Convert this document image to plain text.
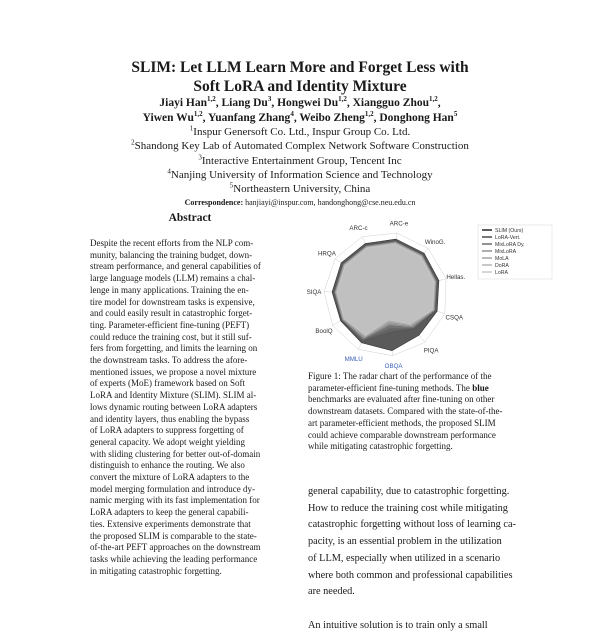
SLIM: Let LLM Learn More and Forget Less with
Soft LoRA and Identity Mixture
Jiayi Han$^{1,2}$, Liang Du$^3$, Hongwei Du$^{1,2}$, Xiangguo Zhou$^{1,2}$,
Yiwen Wu$^{1,2}$, Yuanfang Zhang$^4$, Weibo Zheng$^{1,2}$, Donghong Han$^5$
$^1$Inspur Genersoft Co. Ltd., Inspur Group Co. Ltd.
$^2$Shandong Key Lab of Automated Complex Network Software Construction
$^3$Interactive Entertainment Group, Tencent Inc
$^4$Nanjing University of Information Science and Technology
$^5$Northeastern University, China
Correspondence: hanjiayi@inspur.com, handonghong@cse.neu.edu.cn
Abstract
Despite the recent efforts from the NLP com-
munity, balancing the training budget, down-
stream performance, and general capabilities of
large language models (LLM) remains a chal-
lenge in many applications. Training the en-
tire model for downstream tasks is expensive,
and could easily result in catastrophic forget-
ting. Parameter-efficient fine-tuning (PEFT)
could reduce the training cost, but it still suf-
fers from forgetting, and limits the learning on
the downstream tasks. To address the afore-
mentioned issues, we propose a novel mixture
of experts (MoE) framework based on Soft
LoRA and Identity Mixture (SLIM). SLIM al-
lows dynamic routing between LoRA adapters
and identity layers, thus enabling the bypass
of LoRA adapters to suppress forgetting of
general capacity. We adopt weight yielding
with sliding clustering for better out-of-domain
distinguish to enhance the routing. We also
convert the mixture of LoRA adapters to the
model merging formulation and introduce dy-
namic merging with its fast implementation for
LoRA adapters to keep the general capabili-
ties. Extensive experiments demonstrate that
the proposed SLIM is comparable to the state-
of-the-art PEFT approaches on the downstream
tasks while achieving the leading performance
in mitigating catastrophic forgetting.
ARC-e
WinoG.
Hellas.
CSQA
PIQA
OBQA
MMLU
BoolQ
SIQA
HRQA
ARC-c	SLIM (Ours)
LoRA-Vert.
MixLoRA Dy.
MixLoRA
MoLA
DoRA
LoRA
Figure 1: The radar chart of the performance of the
parameter-efficient fine-tuning methods. The blue
benchmarks are evaluated after fine-tuning on other
downstream datasets. Compared with the state-of-the-
art parameter-efficient methods, the proposed SLIM
could achieve comparable downstream performance
while mitigating catastrophic forgetting.
general capability, due to catastrophic forgetting.
How to reduce the training cost while mitigating
catastrophic forgetting without loss of learning ca-
pacity, is an essential problem in the utilization
of LLM, especially when utilized in a scenario
where both common and professional capabilities
are needed.

An intuitive solution is to train only a small
